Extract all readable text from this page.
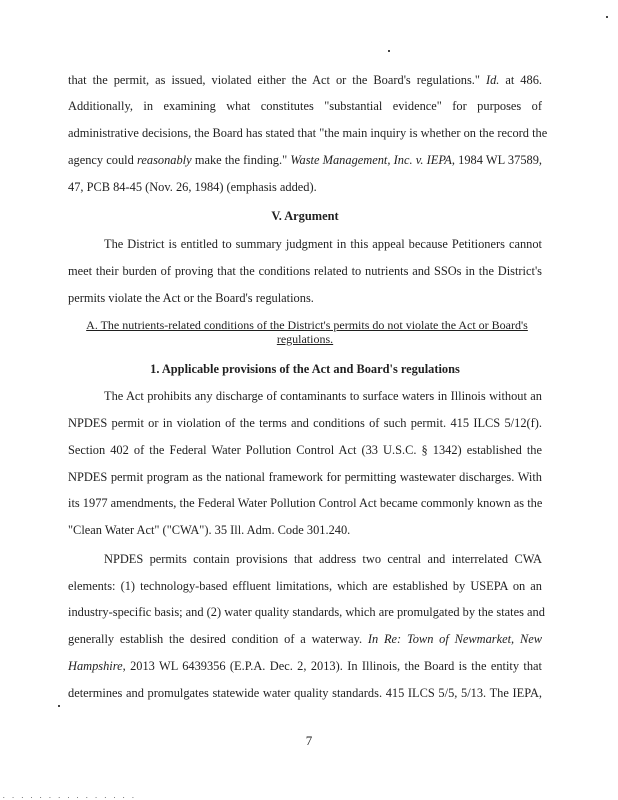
that the permit, as issued, violated either the Act or the Board's regulations." Id. at 486.
Additionally, in examining what constitutes "substantial evidence" for purposes of
administrative decisions, the Board has stated that "the main inquiry is whether on the record the
agency could reasonably make the finding." Waste Management, Inc. v. IEPA, 1984 WL 37589,
47, PCB 84-45 (Nov. 26, 1984) (emphasis added).
V. Argument
The District is entitled to summary judgment in this appeal because Petitioners cannot
meet their burden of proving that the conditions related to nutrients and SSOs in the District's
permits violate the Act or the Board's regulations.
A. The nutrients-related conditions of the District's permits do not violate the Act or Board's
regulations.
1. Applicable provisions of the Act and Board's regulations
The Act prohibits any discharge of contaminants to surface waters in Illinois without an
NPDES permit or in violation of the terms and conditions of such permit. 415 ILCS 5/12(f).
Section 402 of the Federal Water Pollution Control Act (33 U.S.C. § 1342) established the
NPDES permit program as the national framework for permitting wastewater discharges. With
its 1977 amendments, the Federal Water Pollution Control Act became commonly known as the
"Clean Water Act" ("CWA"). 35 Ill. Adm. Code 301.240.
NPDES permits contain provisions that address two central and interrelated CWA
elements: (1) technology-based effluent limitations, which are established by USEPA on an
industry-specific basis; and (2) water quality standards, which are promulgated by the states and
generally establish the desired condition of a waterway. In Re: Town of Newmarket, New
Hampshire, 2013 WL 6439356 (E.P.A. Dec. 2, 2013). In Illinois, the Board is the entity that
determines and promulgates statewide water quality standards. 415 ILCS 5/5, 5/13. The IEPA,
7
. . . . . . . . . . . . . . .
